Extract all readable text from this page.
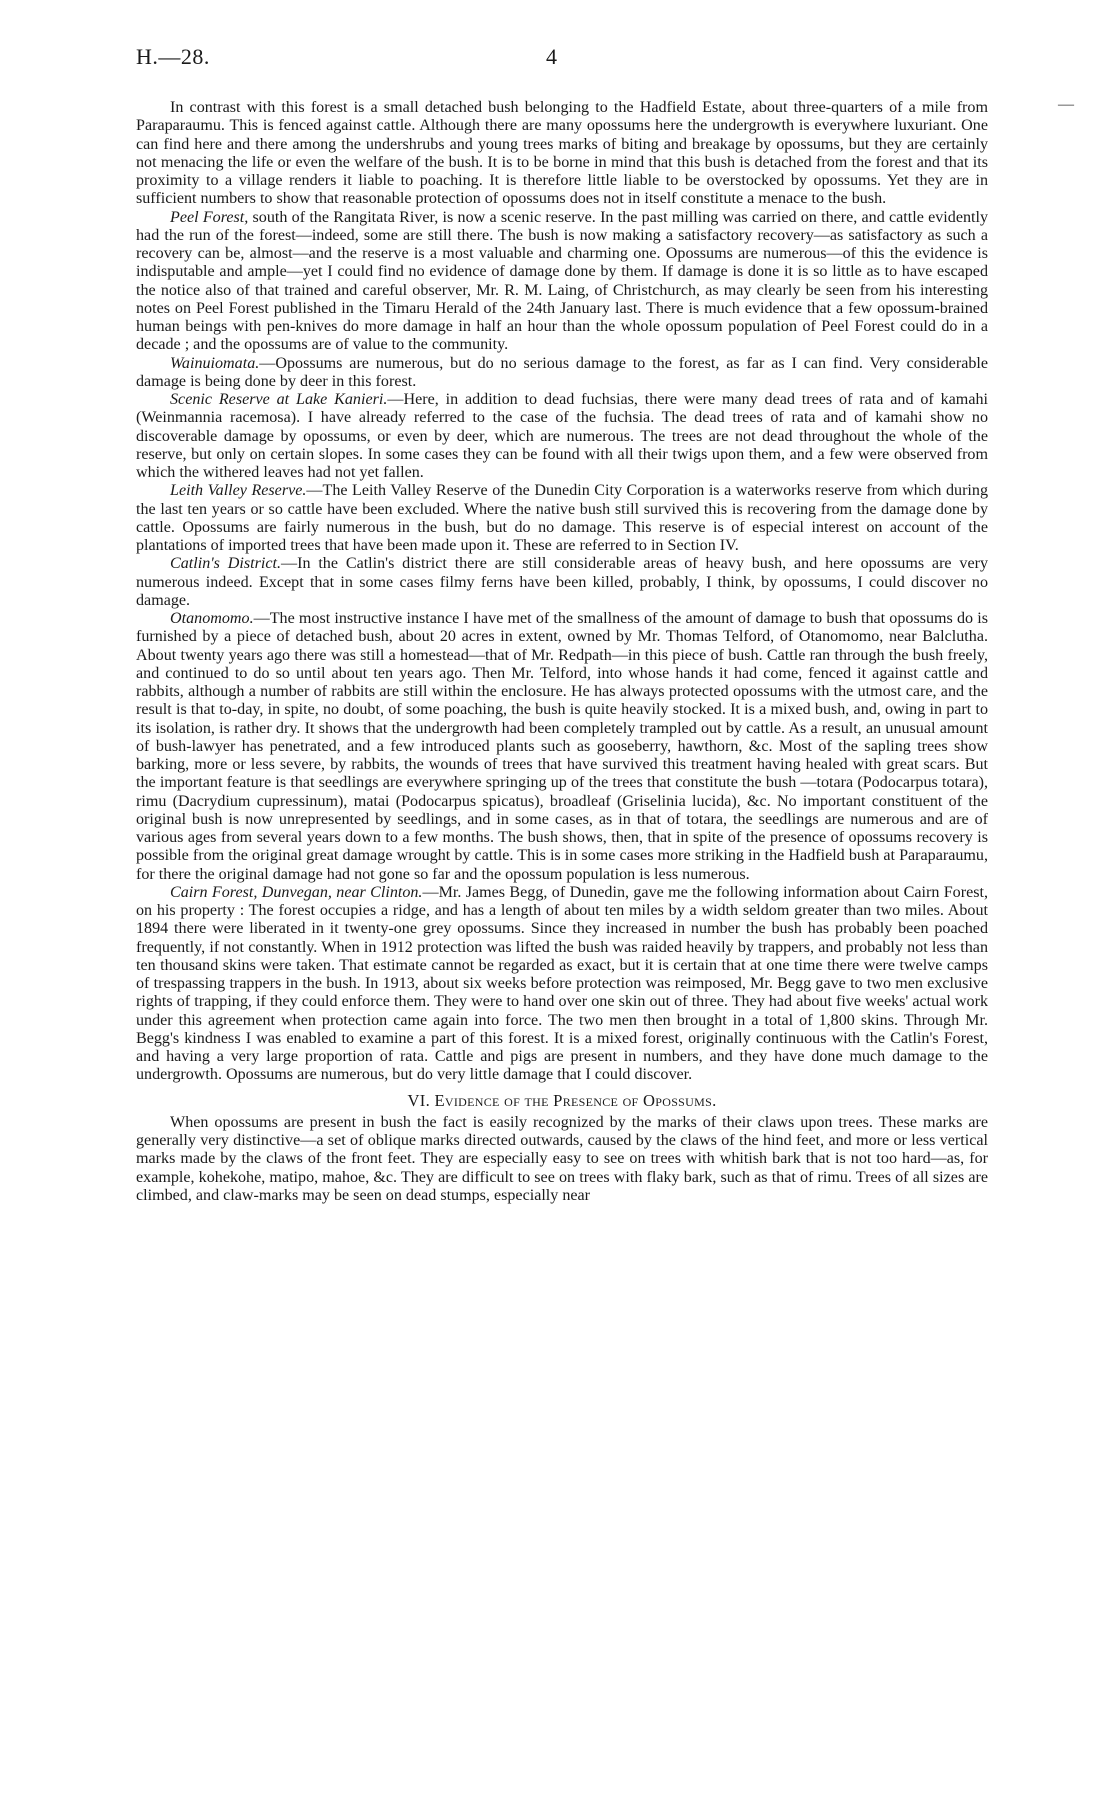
H.—28.	4
—

In contrast with this forest is a small detached bush belonging to the Hadfield Estate, about three-quarters of a mile from Paraparaumu. This is fenced against cattle. Although there are many opossums here the undergrowth is everywhere luxuriant. One can find here and there among the undershrubs and young trees marks of biting and breakage by opossums, but they are certainly not menacing the life or even the welfare of the bush. It is to be borne in mind that this bush is detached from the forest and that its proximity to a village renders it liable to poaching. It is therefore little liable to be overstocked by opossums. Yet they are in sufficient numbers to show that reasonable protection of opossums does not in itself constitute a menace to the bush.

Peel Forest, south of the Rangitata River, is now a scenic reserve. In the past milling was carried on there, and cattle evidently had the run of the forest—indeed, some are still there. The bush is now making a satisfactory recovery—as satisfactory as such a recovery can be, almost—and the reserve is a most valuable and charming one. Opossums are numerous—of this the evidence is indisputable and ample—yet I could find no evidence of damage done by them. If damage is done it is so little as to have escaped the notice also of that trained and careful observer, Mr. R. M. Laing, of Christchurch, as may clearly be seen from his interesting notes on Peel Forest published in the Timaru Herald of the 24th January last. There is much evidence that a few opossum-brained human beings with pen-knives do more damage in half an hour than the whole opossum population of Peel Forest could do in a decade ; and the opossums are of value to the community.

Wainuiomata.—Opossums are numerous, but do no serious damage to the forest, as far as I can find. Very considerable damage is being done by deer in this forest.

Scenic Reserve at Lake Kanieri.—Here, in addition to dead fuchsias, there were many dead trees of rata and of kamahi (Weinmannia racemosa). I have already referred to the case of the fuchsia. The dead trees of rata and of kamahi show no discoverable damage by opossums, or even by deer, which are numerous. The trees are not dead throughout the whole of the reserve, but only on certain slopes. In some cases they can be found with all their twigs upon them, and a few were observed from which the withered leaves had not yet fallen.

Leith Valley Reserve.—The Leith Valley Reserve of the Dunedin City Corporation is a waterworks reserve from which during the last ten years or so cattle have been excluded. Where the native bush still survived this is recovering from the damage done by cattle. Opossums are fairly numerous in the bush, but do no damage. This reserve is of especial interest on account of the plantations of imported trees that have been made upon it. These are referred to in Section IV.

Catlin's District.—In the Catlin's district there are still considerable areas of heavy bush, and here opossums are very numerous indeed. Except that in some cases filmy ferns have been killed, probably, I think, by opossums, I could discover no damage.

Otanomomo.—The most instructive instance I have met of the smallness of the amount of damage to bush that opossums do is furnished by a piece of detached bush, about 20 acres in extent, owned by Mr. Thomas Telford, of Otanomomo, near Balclutha. About twenty years ago there was still a homestead—that of Mr. Redpath—in this piece of bush. Cattle ran through the bush freely, and continued to do so until about ten years ago. Then Mr. Telford, into whose hands it had come, fenced it against cattle and rabbits, although a number of rabbits are still within the enclosure. He has always protected opossums with the utmost care, and the result is that to-day, in spite, no doubt, of some poaching, the bush is quite heavily stocked. It is a mixed bush, and, owing in part to its isolation, is rather dry. It shows that the undergrowth had been completely trampled out by cattle. As a result, an unusual amount of bush-lawyer has penetrated, and a few introduced plants such as gooseberry, hawthorn, &c. Most of the sapling trees show barking, more or less severe, by rabbits, the wounds of trees that have survived this treatment having healed with great scars. But the important feature is that seedlings are everywhere springing up of the trees that constitute the bush —totara (Podocarpus totara), rimu (Dacrydium cupressinum), matai (Podocarpus spicatus), broadleaf (Griselinia lucida), &c. No important constituent of the original bush is now unrepresented by seedlings, and in some cases, as in that of totara, the seedlings are numerous and are of various ages from several years down to a few months. The bush shows, then, that in spite of the presence of opossums recovery is possible from the original great damage wrought by cattle. This is in some cases more striking in the Hadfield bush at Paraparaumu, for there the original damage had not gone so far and the opossum population is less numerous.

Cairn Forest, Dunvegan, near Clinton.—Mr. James Begg, of Dunedin, gave me the following information about Cairn Forest, on his property : The forest occupies a ridge, and has a length of about ten miles by a width seldom greater than two miles. About 1894 there were liberated in it twenty-one grey opossums. Since they increased in number the bush has probably been poached frequently, if not constantly. When in 1912 protection was lifted the bush was raided heavily by trappers, and probably not less than ten thousand skins were taken. That estimate cannot be regarded as exact, but it is certain that at one time there were twelve camps of trespassing trappers in the bush. In 1913, about six weeks before protection was reimposed, Mr. Begg gave to two men exclusive rights of trapping, if they could enforce them. They were to hand over one skin out of three. They had about five weeks' actual work under this agreement when protection came again into force. The two men then brought in a total of 1,800 skins. Through Mr. Begg's kindness I was enabled to examine a part of this forest. It is a mixed forest, originally continuous with the Catlin's Forest, and having a very large proportion of rata. Cattle and pigs are present in numbers, and they have done much damage to the undergrowth. Opossums are numerous, but do very little damage that I could discover.

VI. Evidence of the Presence of Opossums.

When opossums are present in bush the fact is easily recognized by the marks of their claws upon trees. These marks are generally very distinctive—a set of oblique marks directed outwards, caused by the claws of the hind feet, and more or less vertical marks made by the claws of the front feet. They are especially easy to see on trees with whitish bark that is not too hard—as, for example, kohekohe, matipo, mahoe, &c. They are difficult to see on trees with flaky bark, such as that of rimu. Trees of all sizes are climbed, and claw-marks may be seen on dead stumps, especially near
